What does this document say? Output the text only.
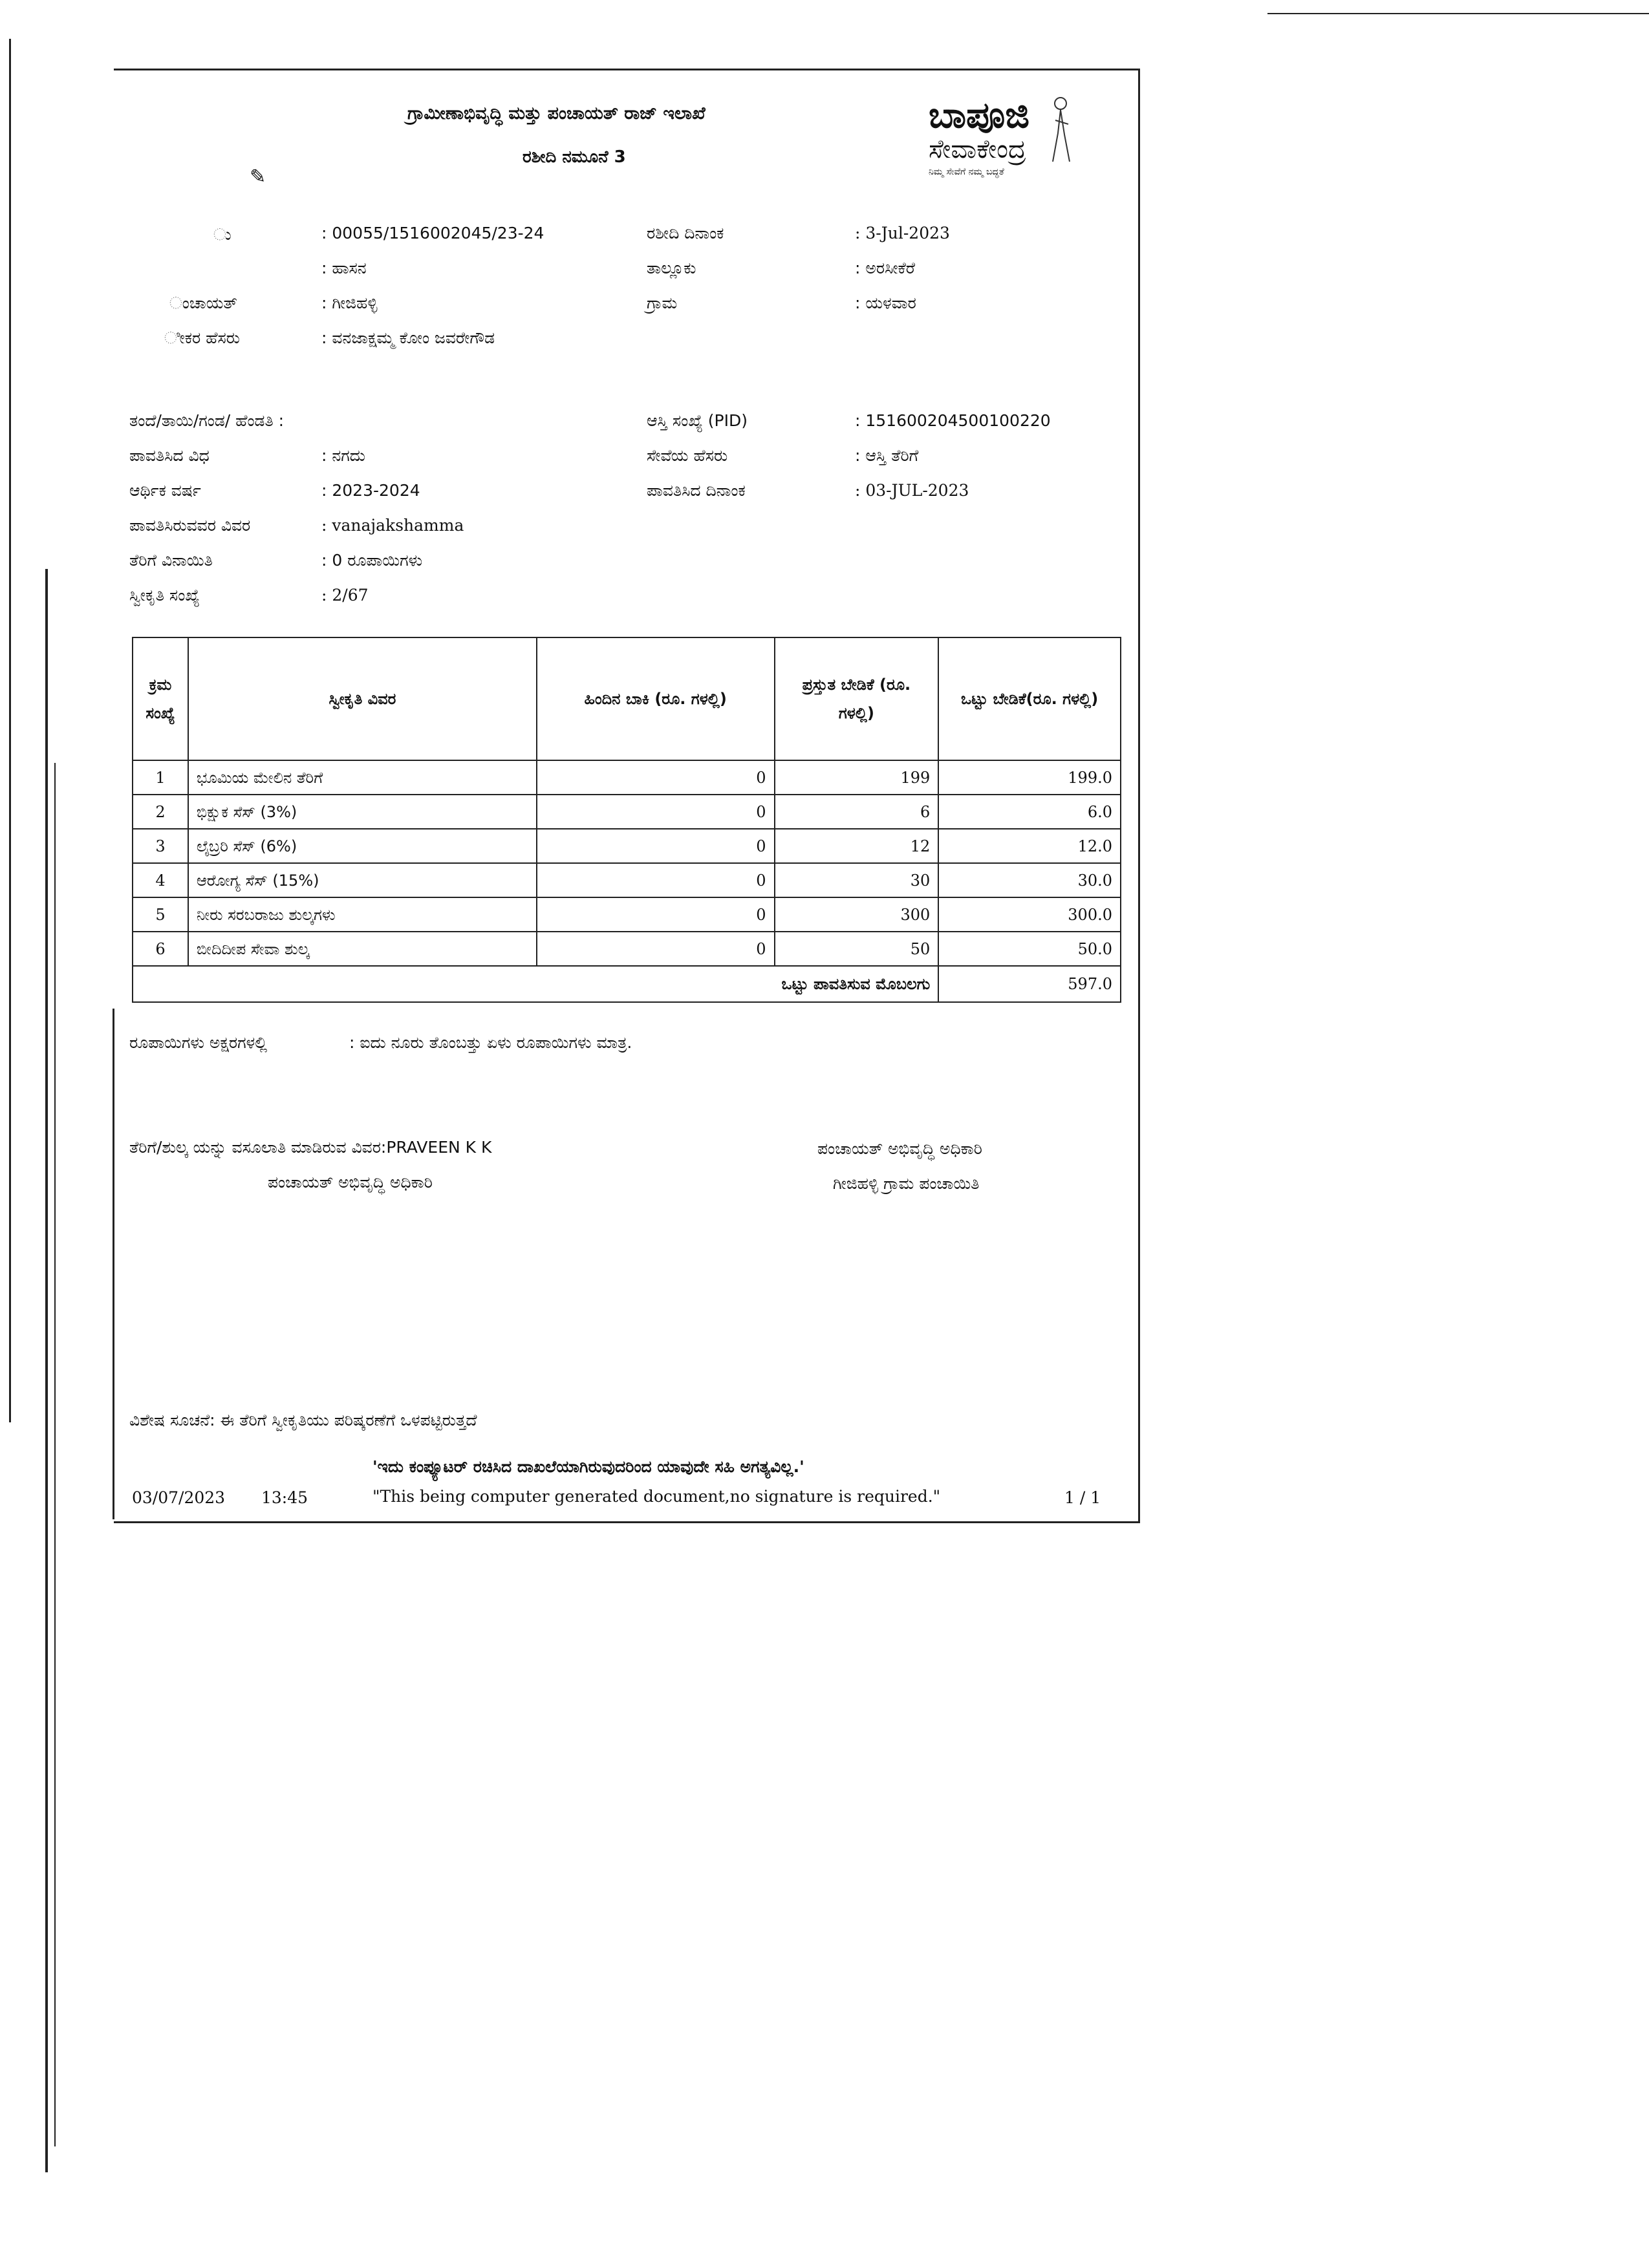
ಗ್ರಾಮೀಣಾಭಿವೃದ್ಧಿ ಮತ್ತು ಪಂಚಾಯತ್ ರಾಜ್ ಇಲಾಖೆ
ರಶೀದಿ ನಮೂನೆ 3
✎
ಬಾಪೂಜಿ
ಸೇವಾಕೇಂದ್ರ
ನಿಮ್ಮ ಸೇವೆಗೆ ನಮ್ಮ ಬದ್ಧತೆ
ು	: 00055/1516002045/23-24	ರಶೀದಿ ದಿನಾಂಕ	: 3-Jul-2023
: ಹಾಸನ	ತಾಲ್ಲೂಕು	: ಅರಸೀಕೆರೆ
ಂಚಾಯತ್	: ಗೀಜಿಹಳ್ಳಿ	ಗ್ರಾಮ	: ಯಳವಾರ
ೀಕರ ಹೆಸರು	: ವನಜಾಕ್ಷಮ್ಮ ಕೋಂ ಜವರೇಗೌಡ
ತಂದೆ/ತಾಯಿ/ಗಂಡ/ ಹೆಂಡತಿ :	ಆಸ್ತಿ ಸಂಖ್ಯೆ (PID)	: 151600204500100220
ಪಾವತಿಸಿದ ವಿಧ	: ನಗದು	ಸೇವೆಯ ಹೆಸರು	: ಆಸ್ತಿ ತೆರಿಗೆ
ಆರ್ಥಿಕ ವರ್ಷ	: 2023-2024	ಪಾವತಿಸಿದ ದಿನಾಂಕ	: 03-JUL-2023
ಪಾವತಿಸಿರುವವರ ವಿವರ	: vanajakshamma
ತೆರಿಗೆ ವಿನಾಯಿತಿ	: 0 ರೂಪಾಯಿಗಳು
ಸ್ವೀಕೃತಿ ಸಂಖ್ಯೆ	: 2/67
ಕ್ರಮ ಸಂಖ್ಯೆ	ಸ್ವೀಕೃತಿ ವಿವರ	ಹಿಂದಿನ ಬಾಕಿ (ರೂ. ಗಳಲ್ಲಿ)	ಪ್ರಸ್ತುತ ಬೇಡಿಕೆ (ರೂ. ಗಳಲ್ಲಿ)	ಒಟ್ಟು ಬೇಡಿಕೆ(ರೂ. ಗಳಲ್ಲಿ)
1	ಭೂಮಿಯ ಮೇಲಿನ ತೆರಿಗೆ	0	199	199.0
2	ಭಿಕ್ಷುಕ ಸೆಸ್ (3%)	0	6	6.0
3	ಲೈಬ್ರರಿ ಸೆಸ್ (6%)	0	12	12.0
4	ಆರೋಗ್ಯ ಸೆಸ್ (15%)	0	30	30.0
5	ನೀರು ಸರಬರಾಜು ಶುಲ್ಕಗಳು	0	300	300.0
6	ಬೀದಿದೀಪ ಸೇವಾ ಶುಲ್ಕ	0	50	50.0
ಒಟ್ಟು ಪಾವತಿಸುವ ಮೊಬಲಗು				597.0
ರೂಪಾಯಿಗಳು ಅಕ್ಷರಗಳಲ್ಲಿ	: ಐದು ನೂರು ತೊಂಬತ್ತು ಏಳು ರೂಪಾಯಿಗಳು ಮಾತ್ರ.
ತೆರಿಗೆ/ಶುಲ್ಕ ಯನ್ನು ವಸೂಲಾತಿ ಮಾಡಿರುವ ವಿವರ:PRAVEEN K K
ಪಂಚಾಯತ್ ಅಭಿವೃದ್ಧಿ ಅಧಿಕಾರಿ
ಪಂಚಾಯತ್ ಅಭಿವೃದ್ಧಿ ಅಧಿಕಾರಿ
ಗೀಜಿಹಳ್ಳಿ ಗ್ರಾಮ ಪಂಚಾಯಿತಿ
ವಿಶೇಷ ಸೂಚನೆ: ಈ ತೆರಿಗೆ ಸ್ವೀಕೃತಿಯು ಪರಿಷ್ಕರಣೆಗೆ ಒಳಪಟ್ಟಿರುತ್ತದೆ
'ಇದು ಕಂಪ್ಯೂಟರ್ ರಚಿಸಿದ ದಾಖಲೆಯಾಗಿರುವುದರಿಂದ ಯಾವುದೇ ಸಹಿ ಅಗತ್ಯವಿಲ್ಲ.'
03/07/2023 13:45	"This being computer generated document,no signature is required."	1 / 1
